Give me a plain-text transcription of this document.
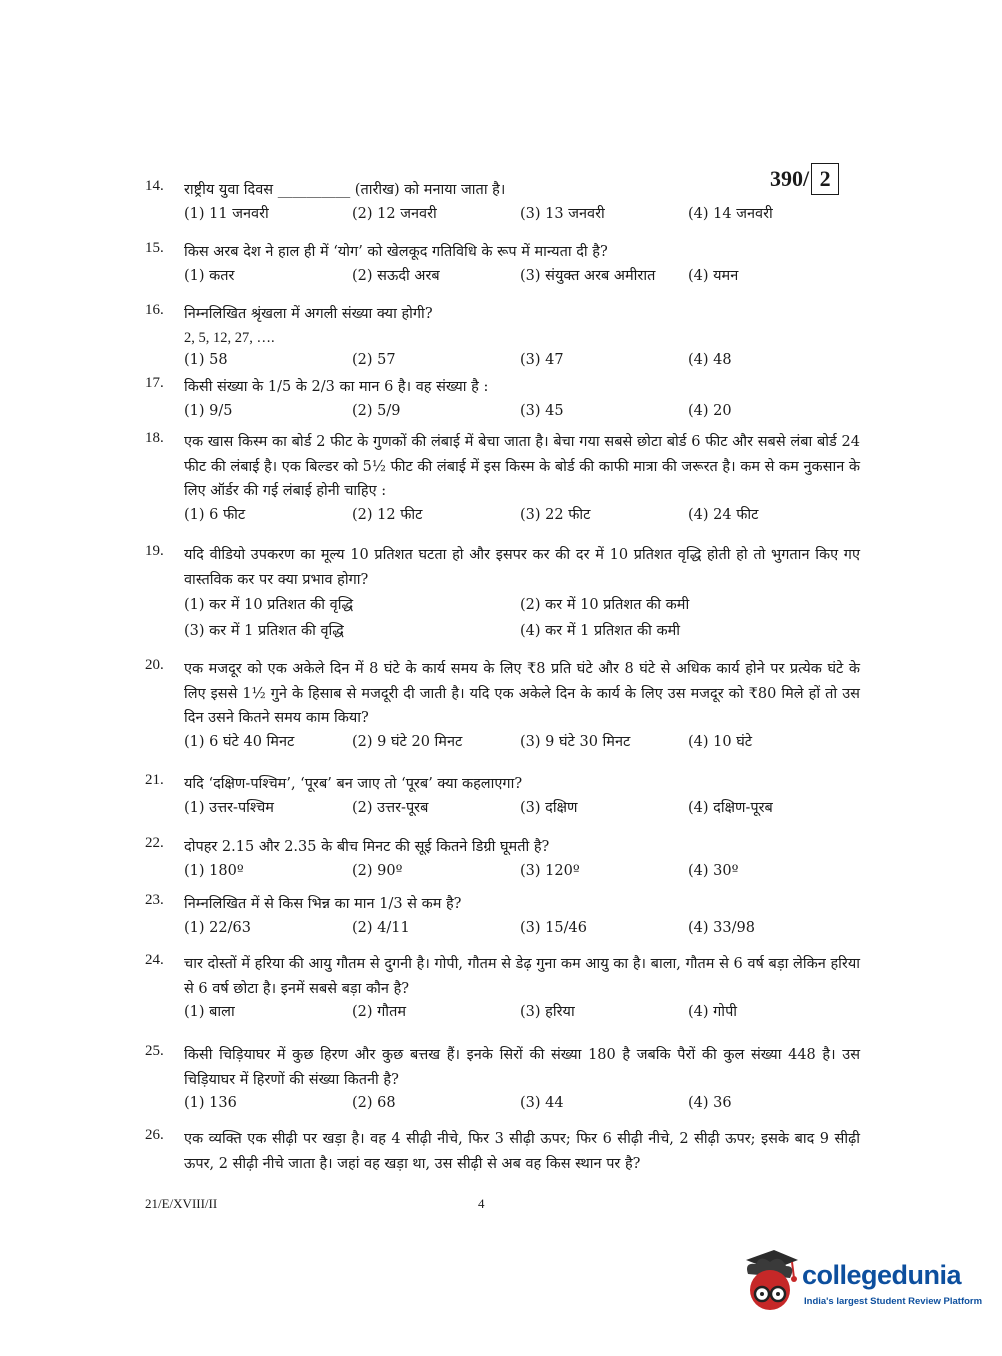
390/ 2
14. राष्ट्रीय युवा दिवस __________ (तारीख) को मनाया जाता है।
(1) 11 जनवरी	(2) 12 जनवरी	(3) 13 जनवरी	(4) 14 जनवरी
15. किस अरब देश ने हाल ही में ‘योग’ को खेलकूद गतिविधि के रूप में मान्यता दी है?
(1) कतर	(2) सऊदी अरब	(3) संयुक्त अरब अमीरात	(4) यमन
16. निम्नलिखित श्रृंखला में अगली संख्या क्या होगी?
2, 5, 12, 27, ….
(1) 58	(2) 57	(3) 47	(4) 48
17. किसी संख्या के 1/5 के 2/3 का मान 6 है। वह संख्या है :
(1) 9/5	(2) 5/9	(3) 45	(4) 20
18. एक खास किस्म का बोर्ड 2 फीट के गुणकों की लंबाई में बेचा जाता है। बेचा गया सबसे छोटा बोर्ड 6 फीट और सबसे लंबा बोर्ड 24 फीट की लंबाई है। एक बिल्डर को 5½ फीट की लंबाई में इस किस्म के बोर्ड की काफी मात्रा की जरूरत है। कम से कम नुकसान के लिए ऑर्डर की गई लंबाई होनी चाहिए :
(1) 6 फीट	(2) 12 फीट	(3) 22 फीट	(4) 24 फीट
19. यदि वीडियो उपकरण का मूल्य 10 प्रतिशत घटता हो और इसपर कर की दर में 10 प्रतिशत वृद्धि होती हो तो भुगतान किए गए वास्तविक कर पर क्या प्रभाव होगा?
(1) कर में 10 प्रतिशत की वृद्धि	(2) कर में 10 प्रतिशत की कमी
(3) कर में 1 प्रतिशत की वृद्धि	(4) कर में 1 प्रतिशत की कमी
20. एक मजदूर को एक अकेले दिन में 8 घंटे के कार्य समय के लिए ₹8 प्रति घंटे और 8 घंटे से अधिक कार्य होने पर प्रत्येक घंटे के लिए इससे 1½ गुने के हिसाब से मजदूरी दी जाती है। यदि एक अकेले दिन के कार्य के लिए उस मजदूर को ₹80 मिले हों तो उस दिन उसने कितने समय काम किया?
(1) 6 घंटे 40 मिनट	(2) 9 घंटे 20 मिनट	(3) 9 घंटे 30 मिनट	(4) 10 घंटे
21. यदि ‘दक्षिण-पश्चिम’, ‘पूरब’ बन जाए तो ‘पूरब’ क्या कहलाएगा?
(1) उत्तर-पश्चिम	(2) उत्तर-पूरब	(3) दक्षिण	(4) दक्षिण-पूरब
22. दोपहर 2.15 और 2.35 के बीच मिनट की सूई कितने डिग्री घूमती है?
(1) 180º	(2) 90º	(3) 120º	(4) 30º
23. निम्नलिखित में से किस भिन्न का मान 1/3 से कम है?
(1) 22/63	(2) 4/11	(3) 15/46	(4) 33/98
24. चार दोस्तों में हरिया की आयु गौतम से दुगनी है। गोपी, गौतम से डेढ़ गुना कम आयु का है। बाला, गौतम से 6 वर्ष बड़ा लेकिन हरिया से 6 वर्ष छोटा है। इनमें सबसे बड़ा कौन है?
(1) बाला	(2) गौतम	(3) हरिया	(4) गोपी
25. किसी चिड़ियाघर में कुछ हिरण और कुछ बत्तख हैं। इनके सिरों की संख्या 180 है जबकि पैरों की कुल संख्या 448 है। उस चिड़ियाघर में हिरणों की संख्या कितनी है?
(1) 136	(2) 68	(3) 44	(4) 36
26. एक व्यक्ति एक सीढ़ी पर खड़ा है। वह 4 सीढ़ी नीचे, फिर 3 सीढ़ी ऊपर; फिर 6 सीढ़ी नीचे, 2 सीढ़ी ऊपर; इसके बाद 9 सीढ़ी ऊपर, 2 सीढ़ी नीचे जाता है। जहां वह खड़ा था, उस सीढ़ी से अब वह किस स्थान पर है?
21/E/XVIII/II	4
collegedunia
India's largest Student Review Platform
